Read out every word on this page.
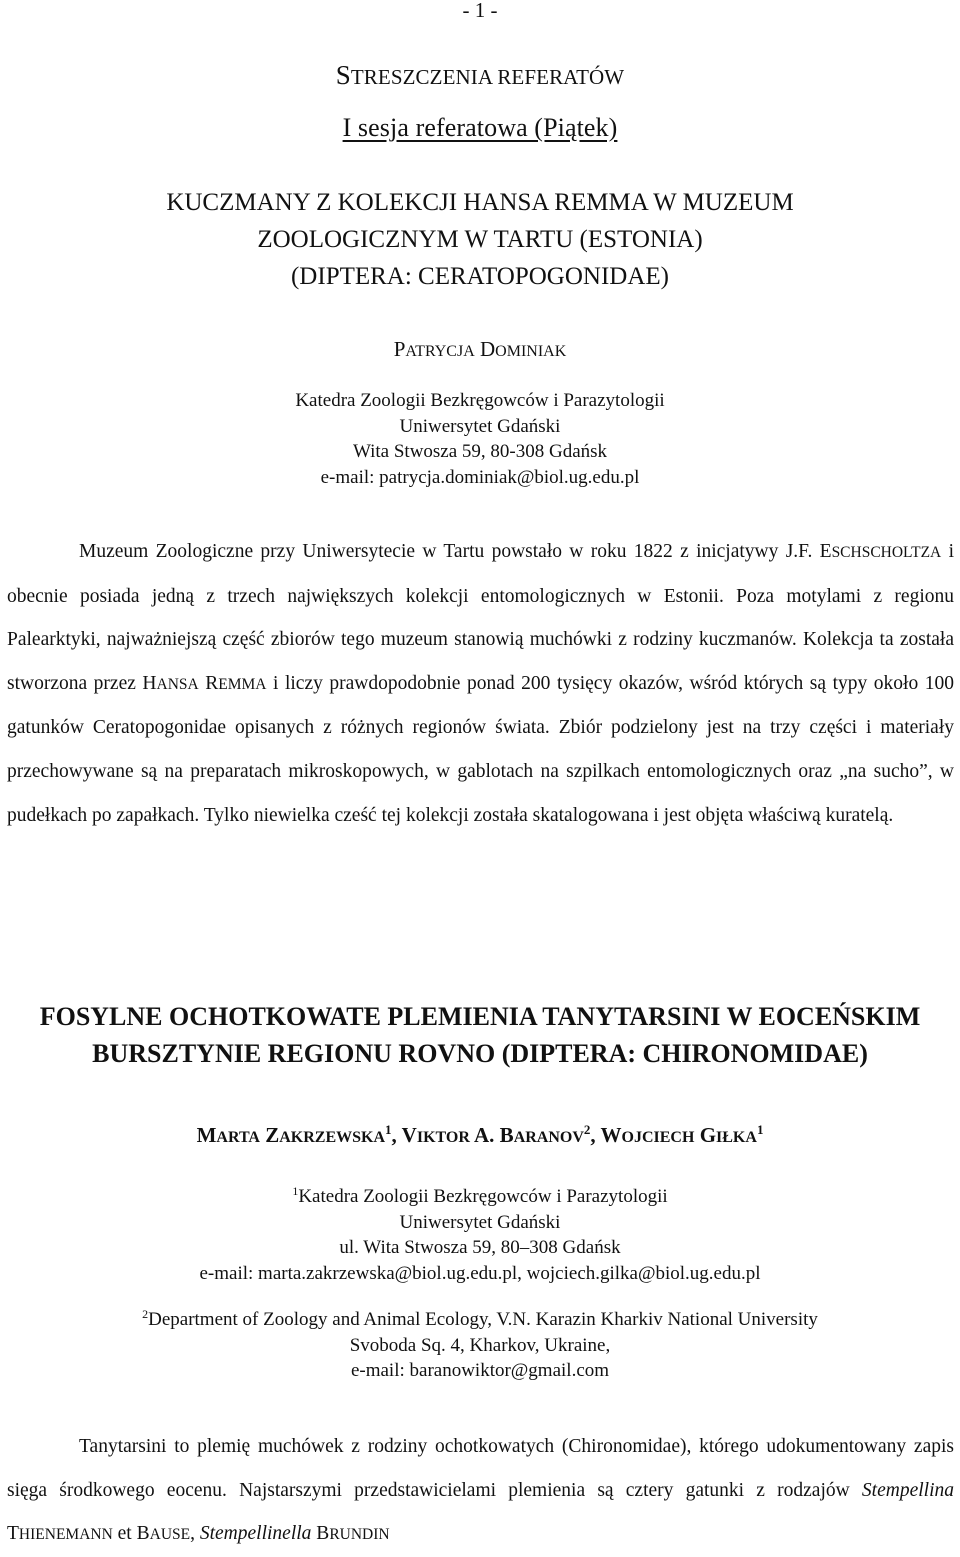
- 1 -
STRESZCZENIA REFERATÓW
I sesja referatowa (Piątek)
KUCZMANY Z KOLEKCJI HANSA REMMA W MUZEUM
ZOOLOGICZNYM W TARTU (ESTONIA)
(DIPTERA: CERATOPOGONIDAE)
PATRYCJA DOMINIAK
Katedra Zoologii Bezkręgowców i Parazytologii
Uniwersytet Gdański
Wita Stwosza 59, 80-308 Gdańsk
e-mail: patrycja.dominiak@biol.ug.edu.pl

Muzeum Zoologiczne przy Uniwersytecie w Tartu powstało w roku 1822 z inicjatywy J.F. ESCHSCHOLTZA i obecnie posiada jedną z trzech największych kolekcji entomologicznych w Estonii. Poza motylami z regionu Palearktyki, najważniejszą część zbiorów tego muzeum stanowią muchówki z rodziny kuczmanów. Kolekcja ta została stworzona przez HANSA REMMA i liczy prawdopodobnie ponad 200 tysięcy okazów, wśród których są typy około 100 gatunków Ceratopogonidae opisanych z różnych regionów świata. Zbiór podzielony jest na trzy części i materiały przechowywane są na preparatach mikroskopowych, w gablotach na szpilkach entomologicznych oraz „na sucho”, w pudełkach po zapałkach. Tylko niewielka cześć tej kolekcji została skatalogowana i jest objęta właściwą kuratelą.

FOSYLNE OCHOTKOWATE PLEMIENIA TANYTARSINI W EOCEŃSKIM
BURSZTYNIE REGIONU ROVNO (DIPTERA: CHIRONOMIDAE)
MARTA ZAKRZEWSKA$^1$, VIKTOR A. BARANOV$^2$, WOJCIECH GIŁKA$^1$
$^1$Katedra Zoologii Bezkręgowców i Parazytologii
Uniwersytet Gdański
ul. Wita Stwosza 59, 80–308 Gdańsk
e-mail: marta.zakrzewska@biol.ug.edu.pl, wojciech.gilka@biol.ug.edu.pl
$^2$Department of Zoology and Animal Ecology, V.N. Karazin Kharkiv National University
Svoboda Sq. 4, Kharkov, Ukraine,
e-mail: baranowiktor@gmail.com

Tanytarsini to plemię muchówek z rodziny ochotkowatych (Chironomidae), którego udokumentowany zapis sięga środkowego eocenu. Najstarszymi przedstawicielami plemienia są cztery gatunki z rodzajów Stempellina THIENEMANN et BAUSE, Stempellinella BRUNDIN
